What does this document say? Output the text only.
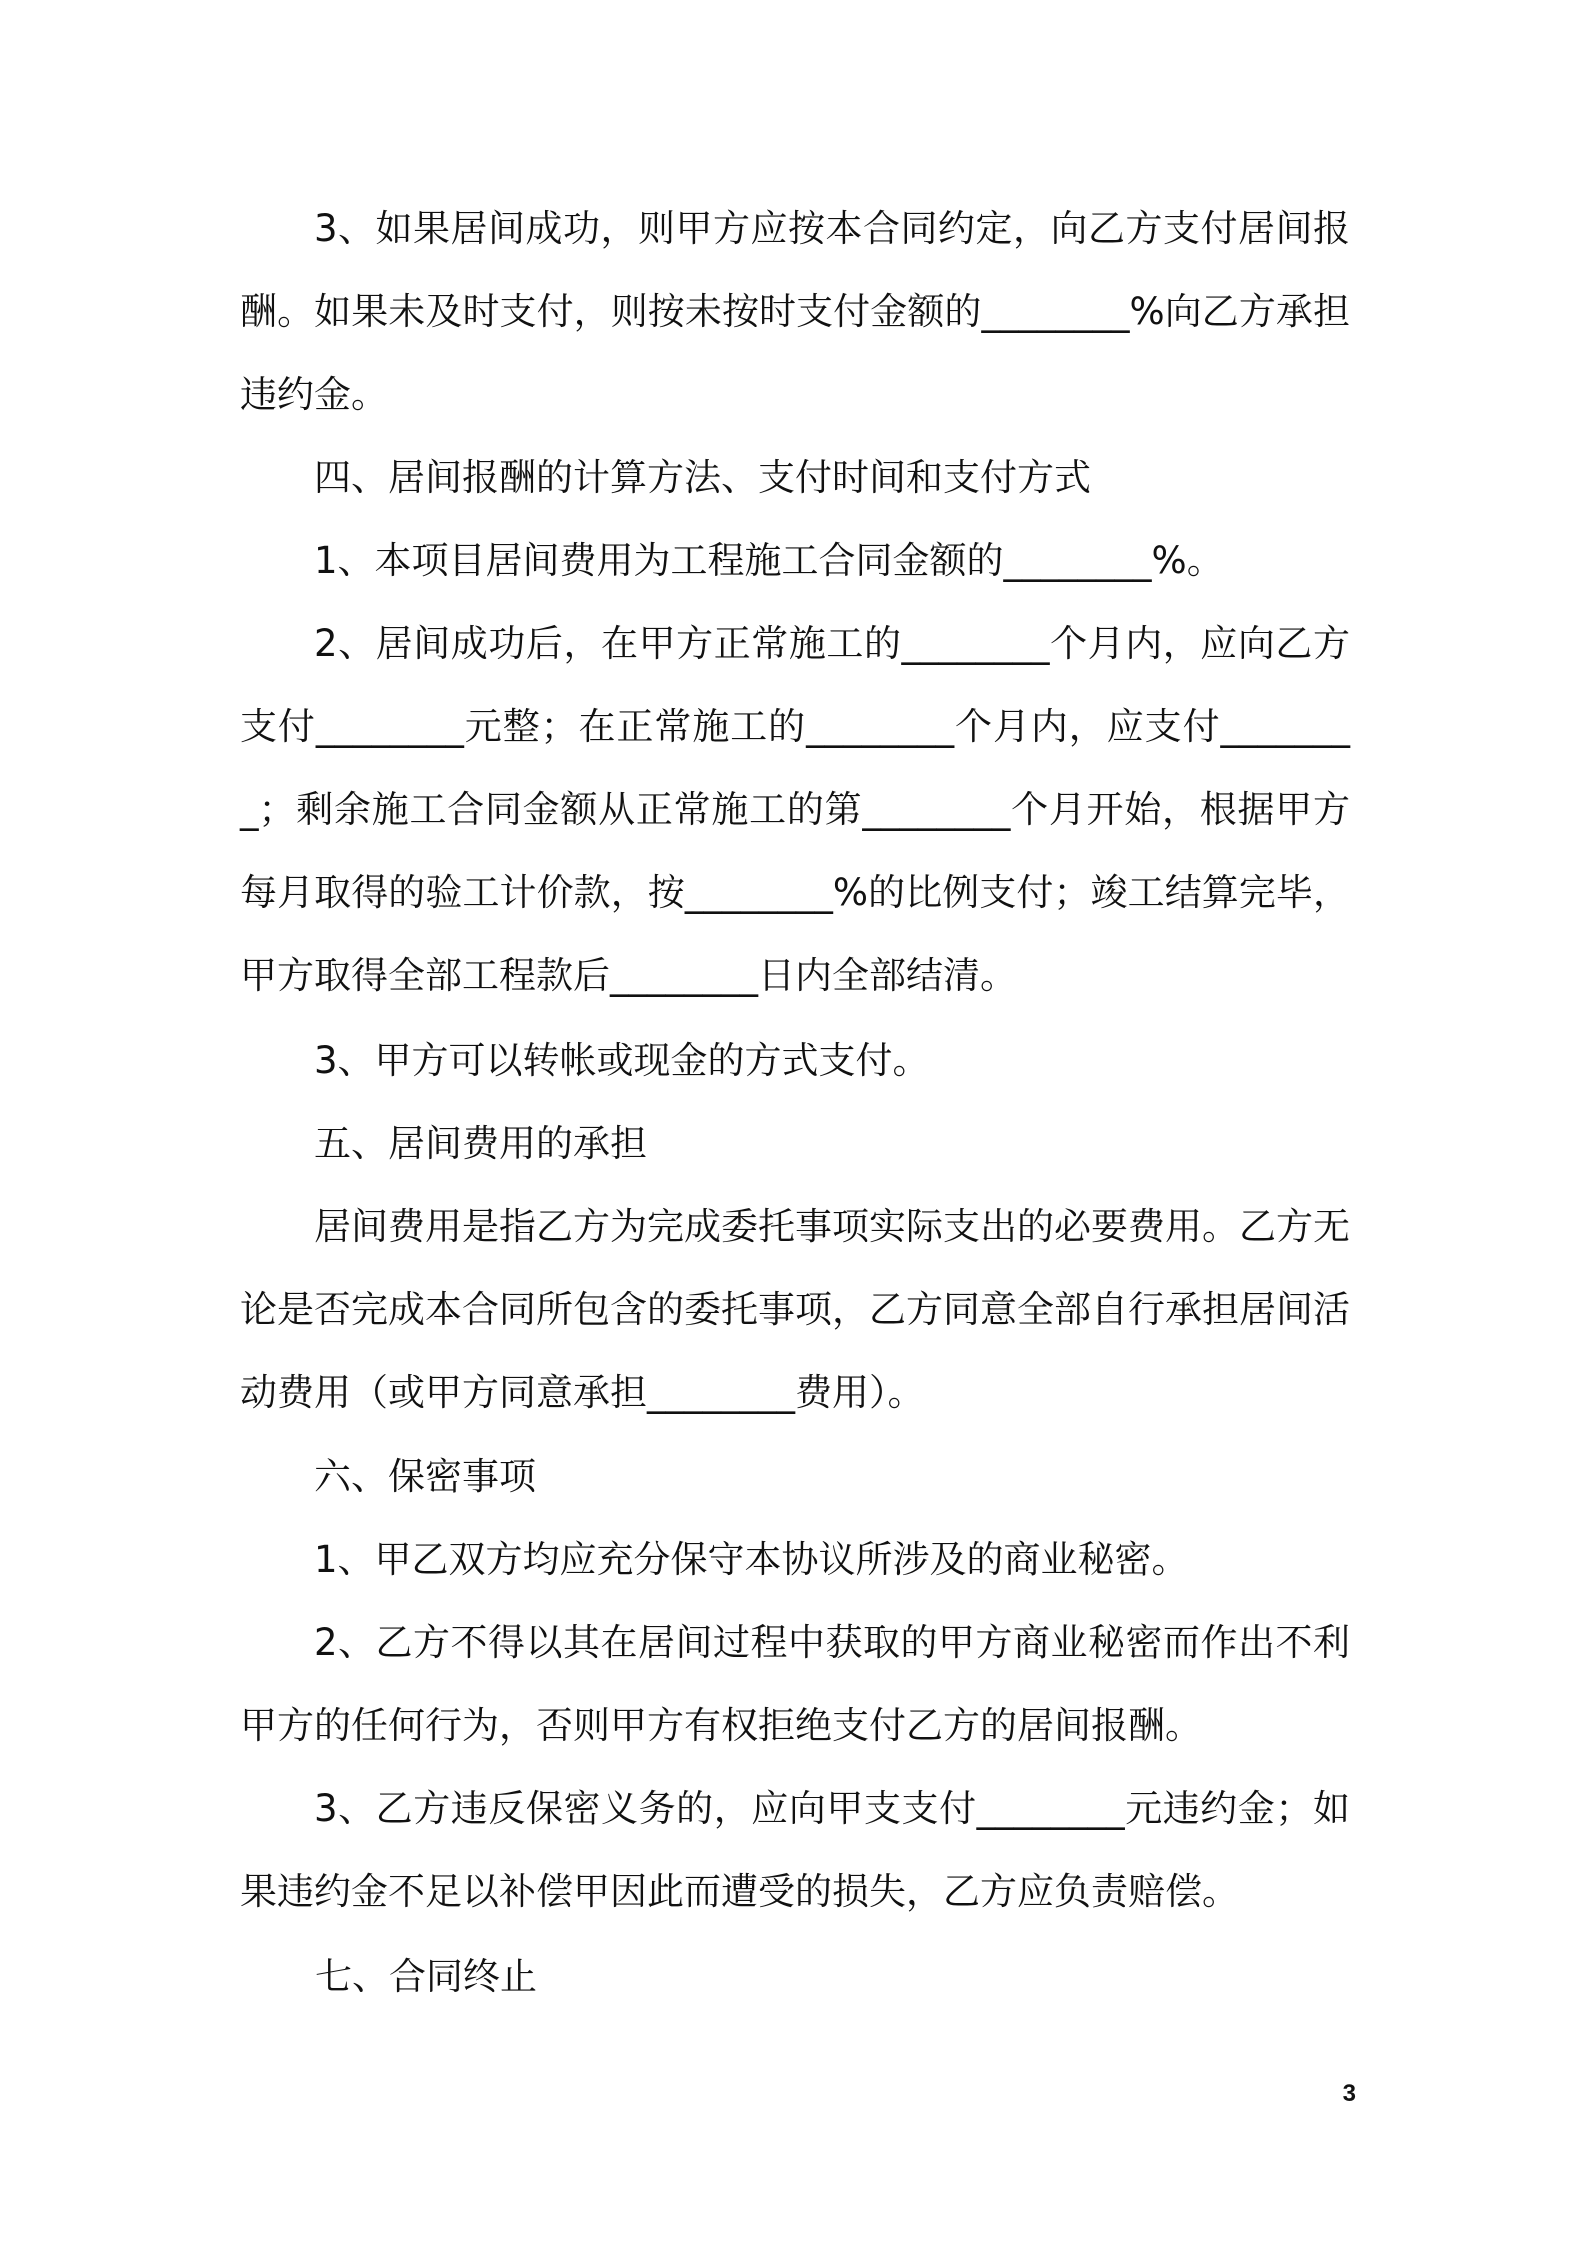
3、如果居间成功，则甲方应按本合同约定，向乙方支付居间报酬。如果未及时支付，则按未按时支付金额的________%向乙方承担违约金。
四、居间报酬的计算方法、支付时间和支付方式
1、本项目居间费用为工程施工合同金额的________%。
2、居间成功后，在甲方正常施工的________个月内，应向乙方支付________元整；在正常施工的________个月内，应支付________；剩余施工合同金额从正常施工的第________个月开始，根据甲方每月取得的验工计价款，按________%的比例支付；竣工结算完毕，甲方取得全部工程款后________日内全部结清。
3、甲方可以转帐或现金的方式支付。
五、居间费用的承担
居间费用是指乙方为完成委托事项实际支出的必要费用。乙方无论是否完成本合同所包含的委托事项，乙方同意全部自行承担居间活动费用（或甲方同意承担________费用）。
六、保密事项
1、甲乙双方均应充分保守本协议所涉及的商业秘密。
2、乙方不得以其在居间过程中获取的甲方商业秘密而作出不利甲方的任何行为，否则甲方有权拒绝支付乙方的居间报酬。
3、乙方违反保密义务的，应向甲支支付________元违约金；如果违约金不足以补偿甲因此而遭受的损失，乙方应负责赔偿。
七、合同终止
3
